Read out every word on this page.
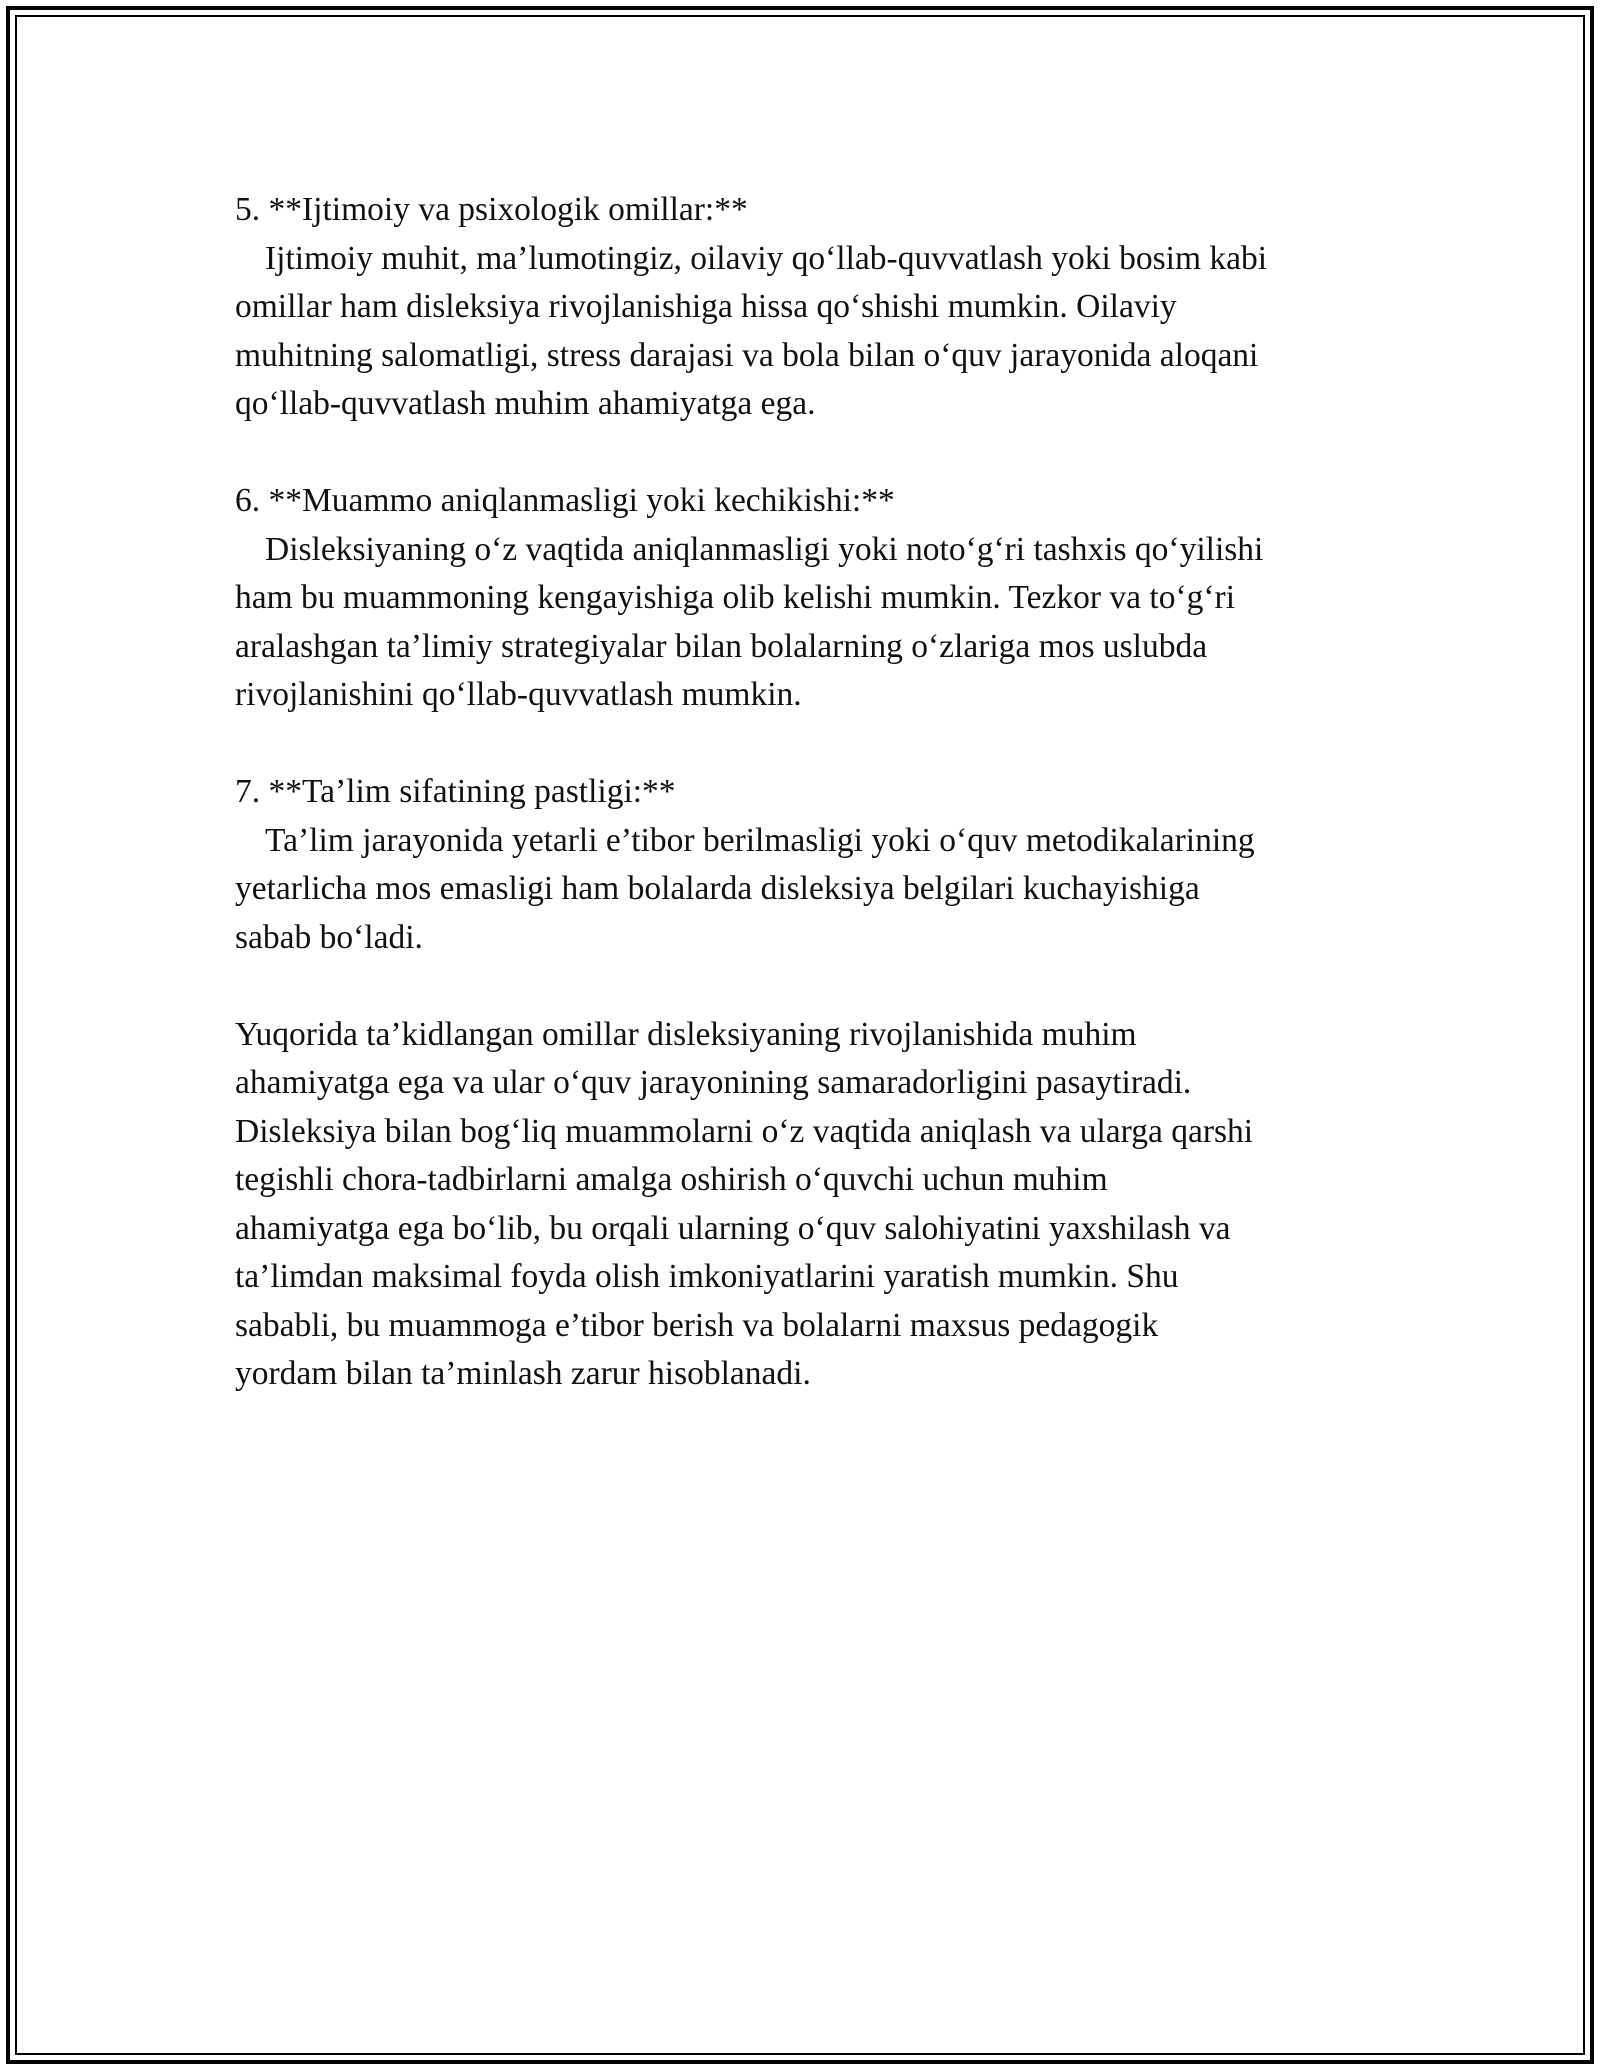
5. **Ijtimoiy va psixologik omillar:**
Ijtimoiy muhit, ma’lumotingiz, oilaviy qo‘llab-quvvatlash yoki bosim kabi
omillar ham disleksiya rivojlanishiga hissa qo‘shishi mumkin. Oilaviy
muhitning salomatligi, stress darajasi va bola bilan o‘quv jarayonida aloqani
qo‘llab-quvvatlash muhim ahamiyatga ega.
6. **Muammo aniqlanmasligi yoki kechikishi:**
Disleksiyaning o‘z vaqtida aniqlanmasligi yoki noto‘g‘ri tashxis qo‘yilishi
ham bu muammoning kengayishiga olib kelishi mumkin. Tezkor va to‘g‘ri
aralashgan ta’limiy strategiyalar bilan bolalarning o‘zlariga mos uslubda
rivojlanishini qo‘llab-quvvatlash mumkin.
7. **Ta’lim sifatining pastligi:**
Ta’lim jarayonida yetarli e’tibor berilmasligi yoki o‘quv metodikalarining
yetarlicha mos emasligi ham bolalarda disleksiya belgilari kuchayishiga
sabab bo‘ladi.
Yuqorida ta’kidlangan omillar disleksiyaning rivojlanishida muhim
ahamiyatga ega va ular o‘quv jarayonining samaradorligini pasaytiradi.
Disleksiya bilan bog‘liq muammolarni o‘z vaqtida aniqlash va ularga qarshi
tegishli chora-tadbirlarni amalga oshirish o‘quvchi uchun muhim
ahamiyatga ega bo‘lib, bu orqali ularning o‘quv salohiyatini yaxshilash va
ta’limdan maksimal foyda olish imkoniyatlarini yaratish mumkin. Shu
sababli, bu muammoga e’tibor berish va bolalarni maxsus pedagogik
yordam bilan ta’minlash zarur hisoblanadi.
